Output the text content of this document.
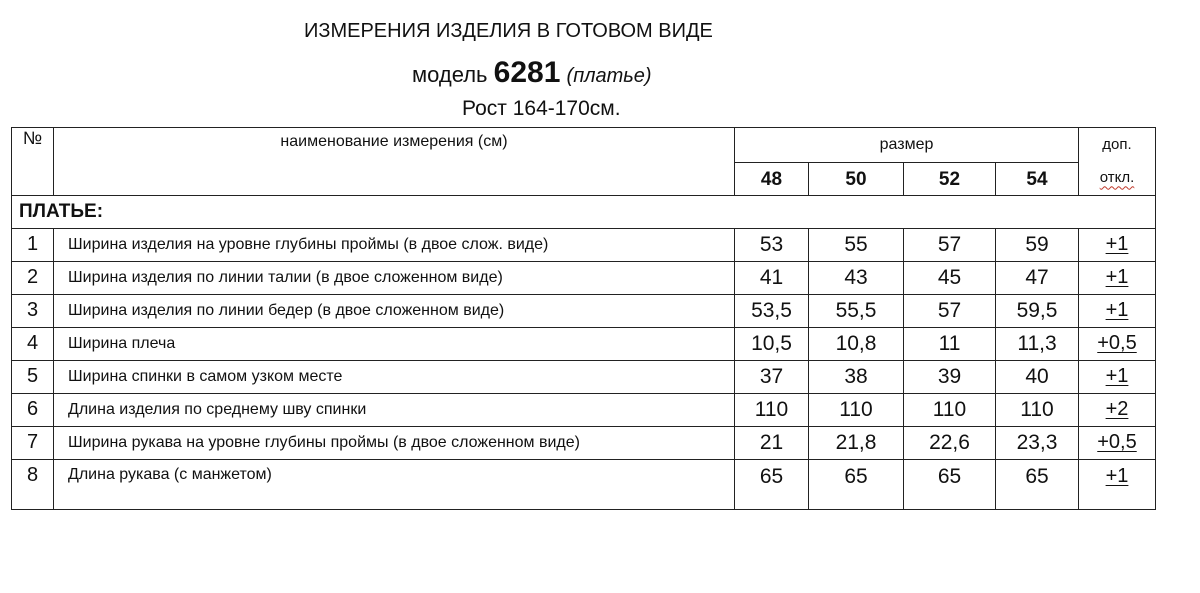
ИЗМЕРЕНИЯ ИЗДЕЛИЯ В ГОТОВОМ ВИДЕ
модель 6281 (платье)
Рост 164-170см.
№	наименование измерения (см)	размер				доп.
		48	50	52	54	откл.
ПЛАТЬЕ:						
1	Ширина изделия на уровне глубины проймы (в двое слож. виде)	53	55	57	59	+1
2	Ширина изделия по линии талии (в двое сложенном виде)	41	43	45	47	+1
3	Ширина изделия по линии бедер (в двое сложенном виде)	53,5	55,5	57	59,5	+1
4	Ширина плеча	10,5	10,8	11	11,3	+0,5
5	Ширина спинки в самом узком месте	37	38	39	40	+1
6	Длина изделия по среднему шву спинки	110	110	110	110	+2
7	Ширина рукава на уровне глубины проймы (в двое сложенном виде)	21	21,8	22,6	23,3	+0,5
8	Длина рукава (с манжетом)	65	65	65	65	+1
